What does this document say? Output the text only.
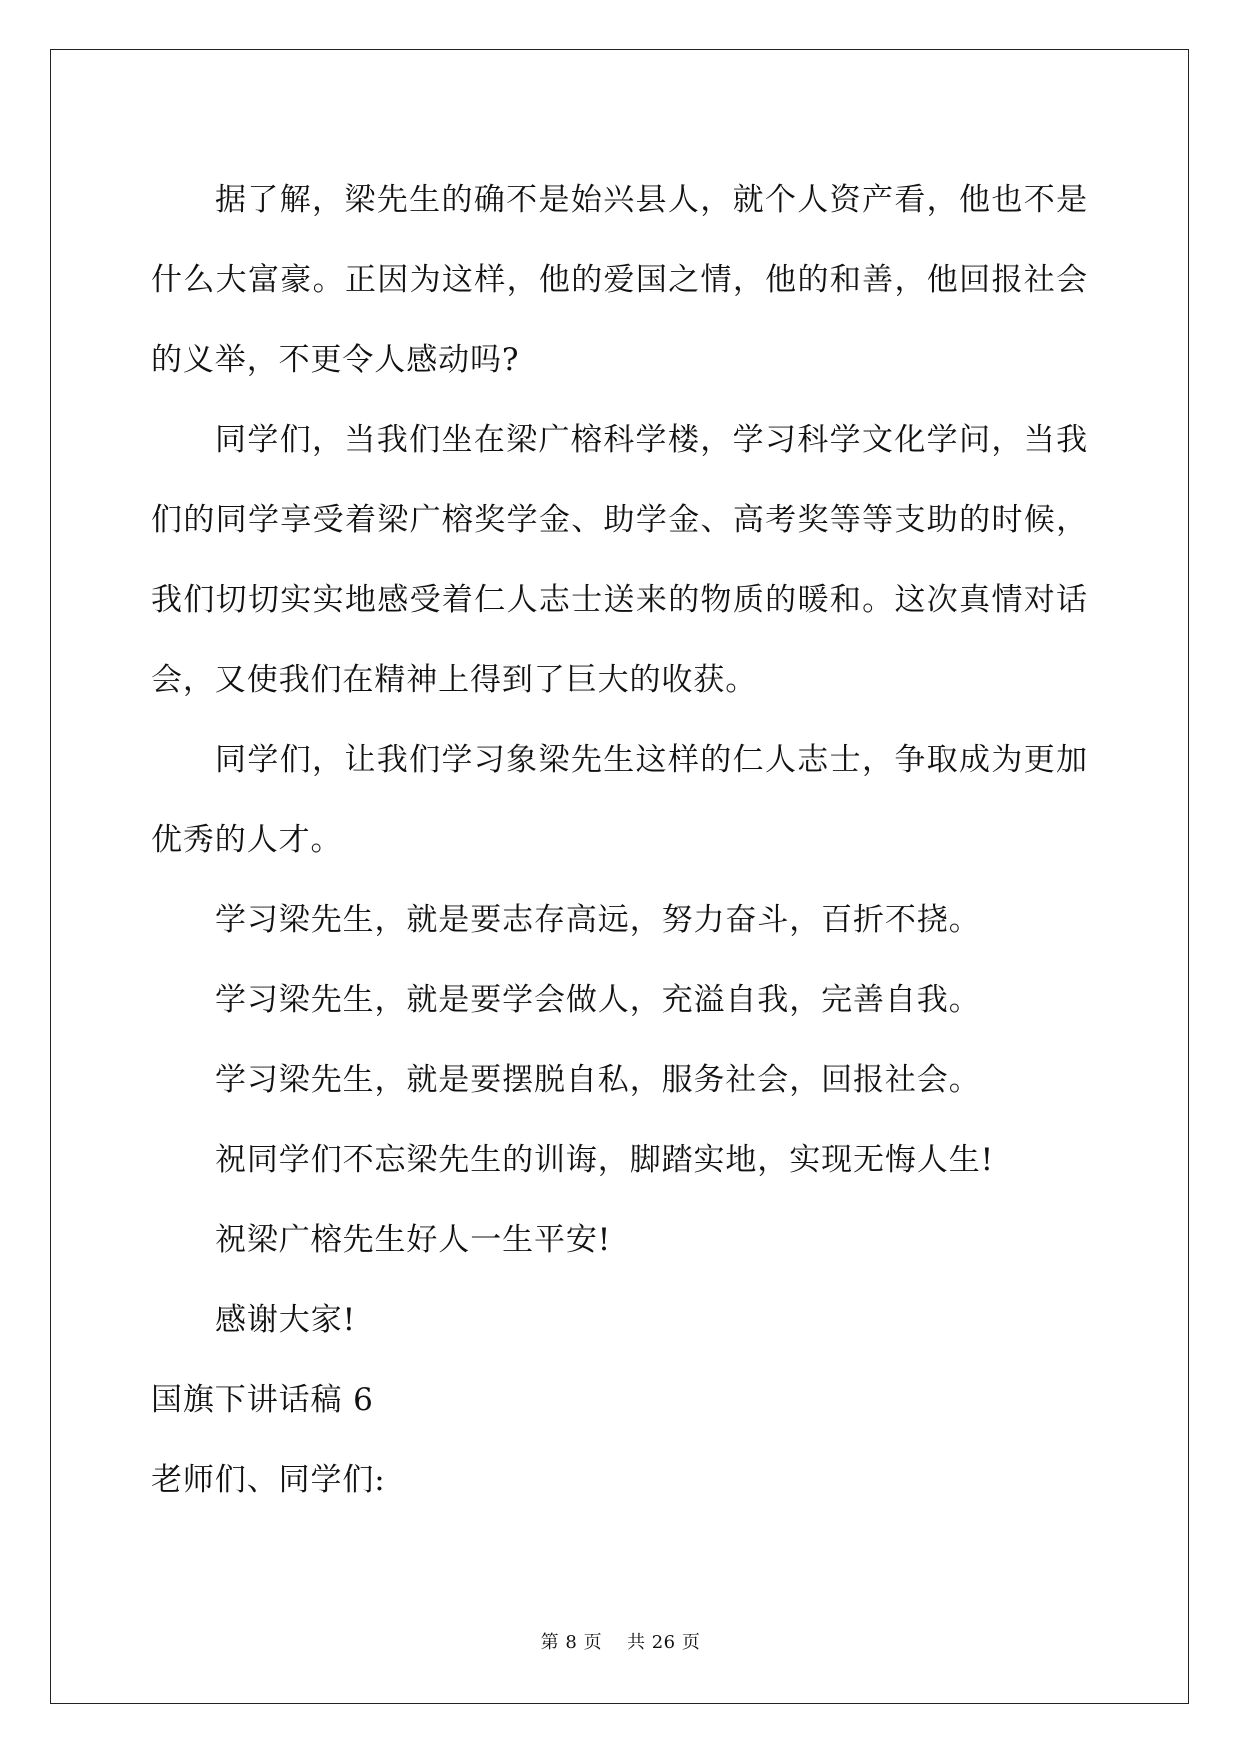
据了解，梁先生的确不是始兴县人，就个人资产看，他也不是什么大富豪。正因为这样，他的爱国之情，他的和善，他回报社会的义举，不更令人感动吗?

同学们，当我们坐在梁广榕科学楼，学习科学文化学问，当我们的同学享受着梁广榕奖学金、助学金、高考奖等等支助的时候，我们切切实实地感受着仁人志士送来的物质的暖和。这次真情对话会，又使我们在精神上得到了巨大的收获。

同学们，让我们学习象梁先生这样的仁人志士，争取成为更加优秀的人才。

学习梁先生，就是要志存高远，努力奋斗，百折不挠。

学习梁先生，就是要学会做人，充溢自我，完善自我。

学习梁先生，就是要摆脱自私，服务社会，回报社会。

祝同学们不忘梁先生的训诲，脚踏实地，实现无悔人生!

祝梁广榕先生好人一生平安!

感谢大家!

国旗下讲话稿 6

老师们、同学们:

第 8 页 共 26 页
